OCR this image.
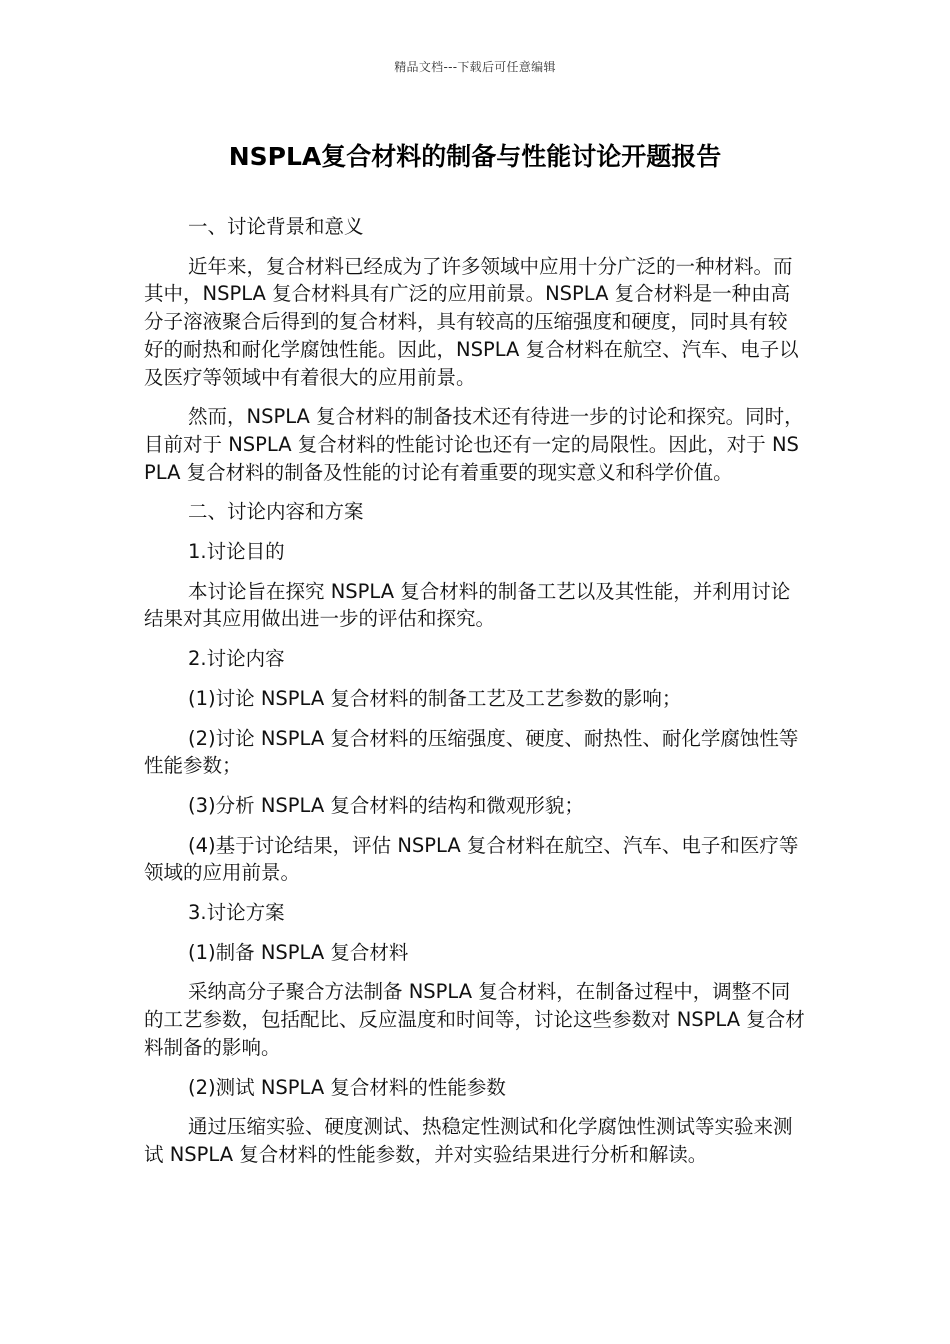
精品文档---下载后可任意编辑
NSPLA复合材料的制备与性能讨论开题报告

一、讨论背景和意义

近年来，复合材料已经成为了许多领域中应用十分广泛的一种材料。而其中，NSPLA 复合材料具有广泛的应用前景。NSPLA 复合材料是一种由高分子溶液聚合后得到的复合材料，具有较高的压缩强度和硬度，同时具有较好的耐热和耐化学腐蚀性能。因此，NSPLA 复合材料在航空、汽车、电子以及医疗等领域中有着很大的应用前景。

然而，NSPLA 复合材料的制备技术还有待进一步的讨论和探究。同时，目前对于 NSPLA 复合材料的性能讨论也还有一定的局限性。因此，对于 NSPLA 复合材料的制备及性能的讨论有着重要的现实意义和科学价值。

二、讨论内容和方案

1.讨论目的

本讨论旨在探究 NSPLA 复合材料的制备工艺以及其性能，并利用讨论结果对其应用做出进一步的评估和探究。

2.讨论内容

(1)讨论 NSPLA 复合材料的制备工艺及工艺参数的影响；

(2)讨论 NSPLA 复合材料的压缩强度、硬度、耐热性、耐化学腐蚀性等性能参数；

(3)分析 NSPLA 复合材料的结构和微观形貌；

(4)基于讨论结果，评估 NSPLA 复合材料在航空、汽车、电子和医疗等领域的应用前景。

3.讨论方案

(1)制备 NSPLA 复合材料

采纳高分子聚合方法制备 NSPLA 复合材料，在制备过程中，调整不同的工艺参数，包括配比、反应温度和时间等，讨论这些参数对 NSPLA 复合材料制备的影响。

(2)测试 NSPLA 复合材料的性能参数

通过压缩实验、硬度测试、热稳定性测试和化学腐蚀性测试等实验来测试 NSPLA 复合材料的性能参数，并对实验结果进行分析和解读。
